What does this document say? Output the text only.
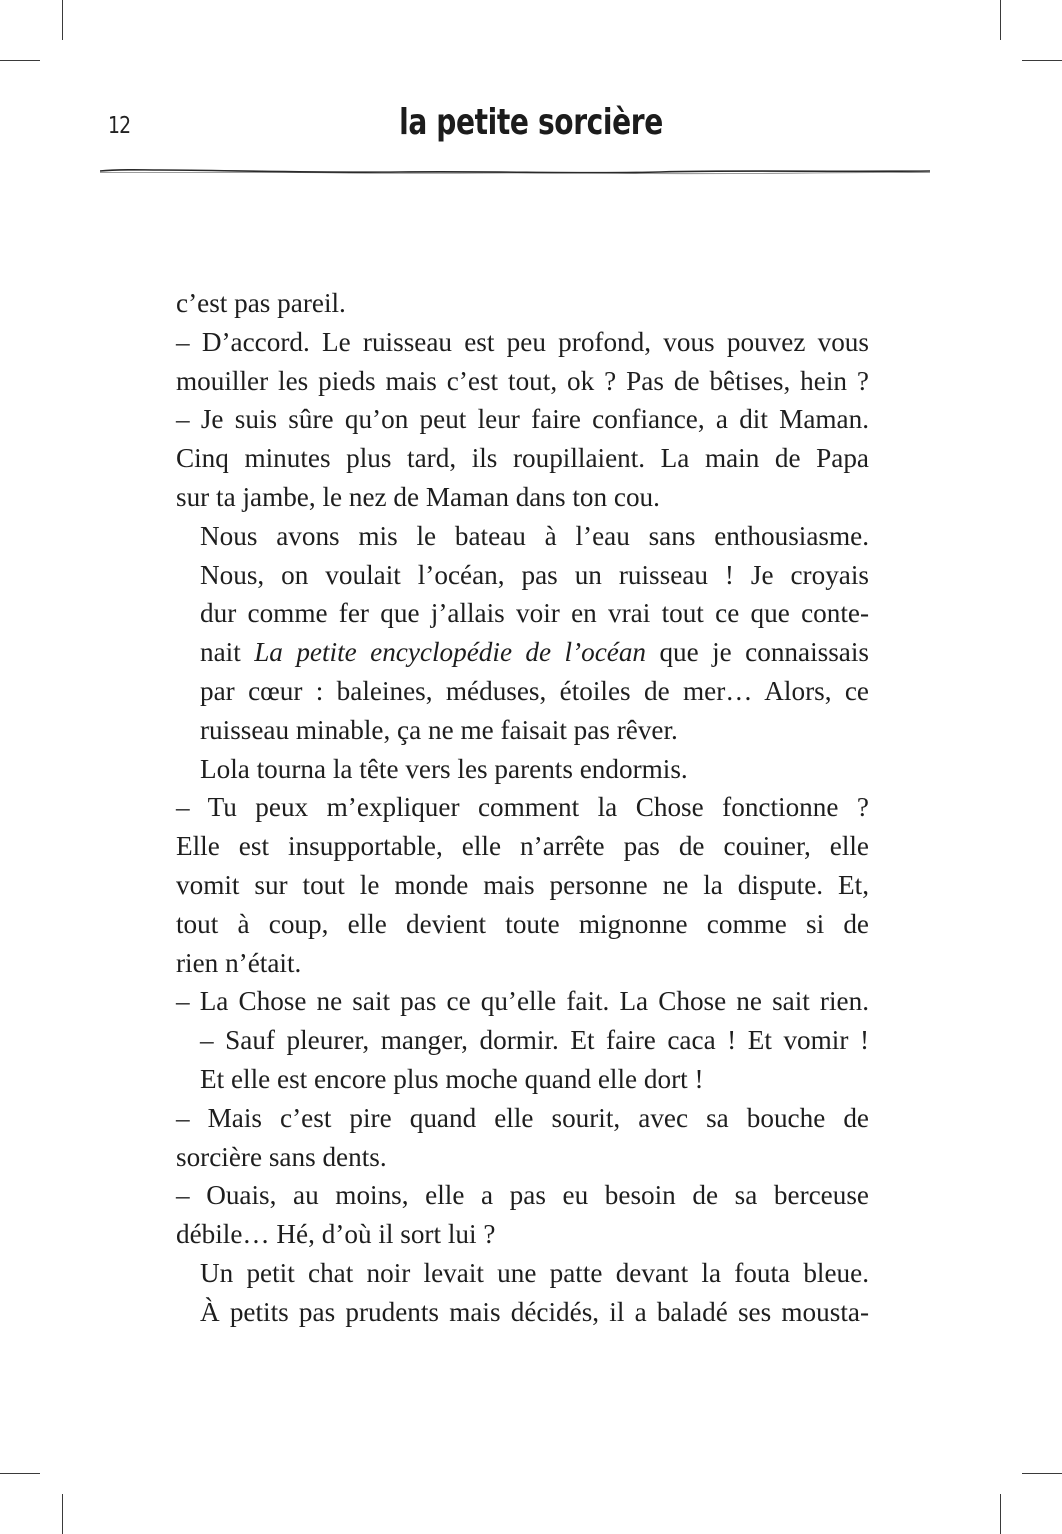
12	la petite sorcière
c’est pas pareil.
– D’accord. Le ruisseau est peu profond, vous pouvez vous
mouiller les pieds mais c’est tout, ok ? Pas de bêtises, hein ?
– Je suis sûre qu’on peut leur faire confiance, a dit Maman.
Cinq minutes plus tard, ils roupillaient. La main de Papa
sur ta jambe, le nez de Maman dans ton cou.
Nous avons mis le bateau à l’eau sans enthousiasme.
Nous, on voulait l’océan, pas un ruisseau ! Je croyais
dur comme fer que j’allais voir en vrai tout ce que conte-
nait La petite encyclopédie de l’océan que je connaissais
par cœur : baleines, méduses, étoiles de mer… Alors, ce
ruisseau minable, ça ne me faisait pas rêver.
Lola tourna la tête vers les parents endormis.
– Tu peux m’expliquer comment la Chose fonctionne ?
Elle est insupportable, elle n’arrête pas de couiner, elle
vomit sur tout le monde mais personne ne la dispute. Et,
tout à coup, elle devient toute mignonne comme si de
rien n’était.
– La Chose ne sait pas ce qu’elle fait. La Chose ne sait rien.
– Sauf pleurer, manger, dormir. Et faire caca ! Et vomir !
Et elle est encore plus moche quand elle dort !
– Mais c’est pire quand elle sourit, avec sa bouche de
sorcière sans dents.
– Ouais, au moins, elle a pas eu besoin de sa berceuse
débile… Hé, d’où il sort lui ?
Un petit chat noir levait une patte devant la fouta bleue.
À petits pas prudents mais décidés, il a baladé ses mousta-
